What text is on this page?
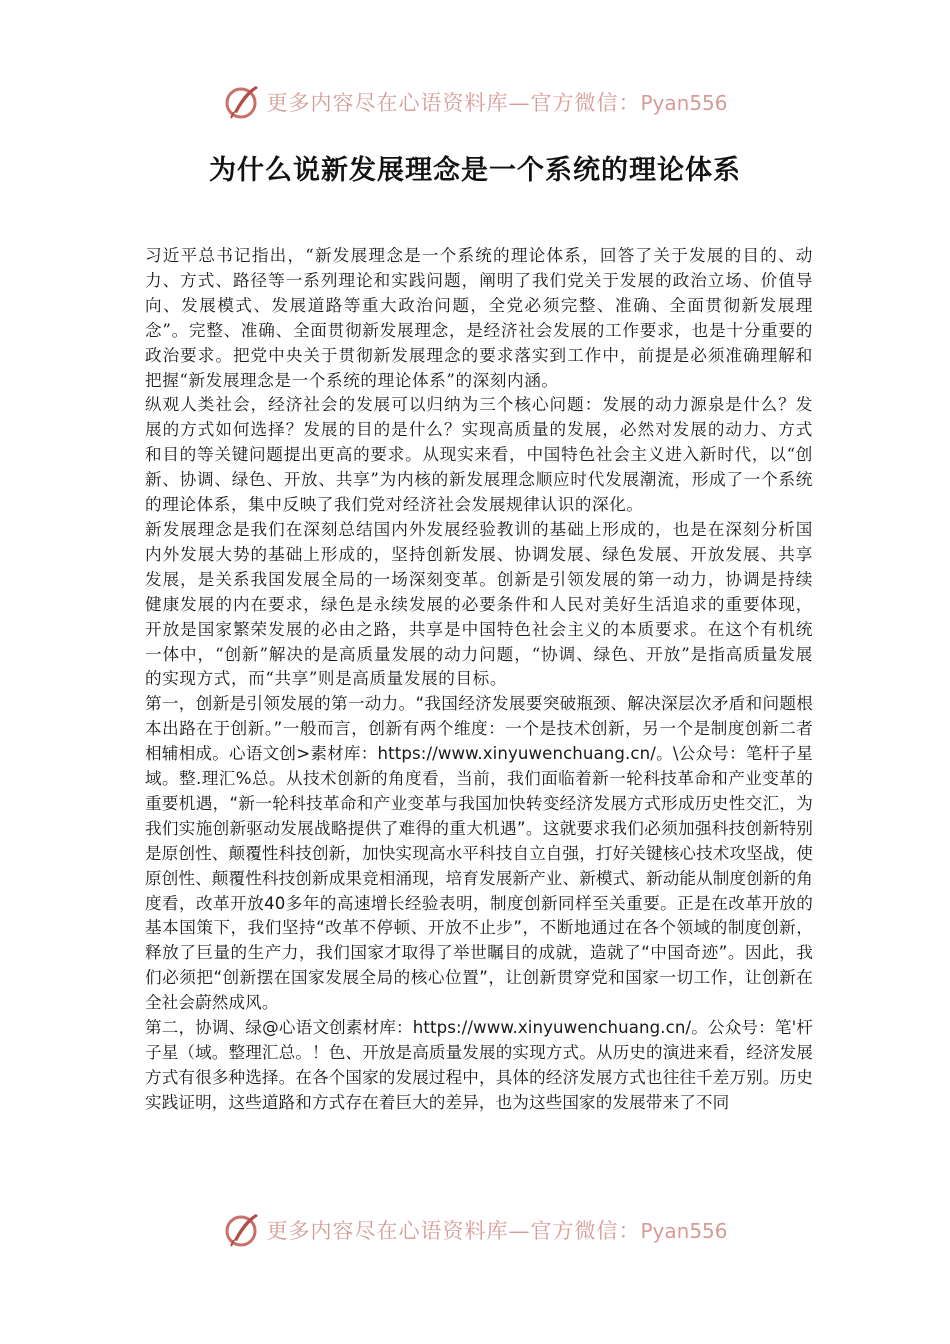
更多内容尽在心语资料库—官方微信：Pyan556
为什么说新发展理念是一个系统的理论体系

习近平总书记指出，“新发展理念是一个系统的理论体系，回答了关于发展的目的、动力、方式、路径等一系列理论和实践问题，阐明了我们党关于发展的政治立场、价值导向、发展模式、发展道路等重大政治问题，全党必须完整、准确、全面贯彻新发展理念”。完整、准确、全面贯彻新发展理念，是经济社会发展的工作要求，也是十分重要的政治要求。把党中央关于贯彻新发展理念的要求落实到工作中，前提是必须准确理解和把握“新发展理念是一个系统的理论体系”的深刻内涵。

纵观人类社会，经济社会的发展可以归纳为三个核心问题：发展的动力源泉是什么？发展的方式如何选择？发展的目的是什么？实现高质量的发展，必然对发展的动力、方式和目的等关键问题提出更高的要求。从现实来看，中国特色社会主义进入新时代，以“创新、协调、绿色、开放、共享”为内核的新发展理念顺应时代发展潮流，形成了一个系统的理论体系，集中反映了我们党对经济社会发展规律认识的深化。

新发展理念是我们在深刻总结国内外发展经验教训的基础上形成的，也是在深刻分析国内外发展大势的基础上形成的，坚持创新发展、协调发展、绿色发展、开放发展、共享发展，是关系我国发展全局的一场深刻变革。创新是引领发展的第一动力，协调是持续健康发展的内在要求，绿色是永续发展的必要条件和人民对美好生活追求的重要体现，开放是国家繁荣发展的必由之路，共享是中国特色社会主义的本质要求。在这个有机统一体中，“创新”解决的是高质量发展的动力问题，“协调、绿色、开放”是指高质量发展的实现方式，而“共享”则是高质量发展的目标。

第一，创新是引领发展的第一动力。“我国经济发展要突破瓶颈、解决深层次矛盾和问题根本出路在于创新。”一般而言，创新有两个维度：一个是技术创新，另一个是制度创新二者相辅相成。心语文创>素材库：https://www.xinyuwenchuang.cn/。\公众号：笔杆子星域。整.理汇%总。从技术创新的角度看，当前，我们面临着新一轮科技革命和产业变革的重要机遇，“新一轮科技革命和产业变革与我国加快转变经济发展方式形成历史性交汇，为我们实施创新驱动发展战略提供了难得的重大机遇”。这就要求我们必须加强科技创新特别是原创性、颠覆性科技创新，加快实现高水平科技自立自强，打好关键核心技术攻坚战，使原创性、颠覆性科技创新成果竞相涌现，培育发展新产业、新模式、新动能从制度创新的角度看，改革开放40多年的高速增长经验表明，制度创新同样至关重要。正是在改革开放的基本国策下，我们坚持“改革不停顿、开放不止步”，不断地通过在各个领域的制度创新，释放了巨量的生产力，我们国家才取得了举世瞩目的成就，造就了“中国奇迹”。因此，我们必须把“创新摆在国家发展全局的核心位置”，让创新贯穿党和国家一切工作，让创新在全社会蔚然成风。

第二，协调、绿@心语文创素材库：https://www.xinyuwenchuang.cn/。公众号：笔'杆子星（域。整理汇总。！色、开放是高质量发展的实现方式。从历史的演进来看，经济发展方式有很多种选择。在各个国家的发展过程中，具体的经济发展方式也往往千差万别。历史实践证明，这些道路和方式存在着巨大的差异，也为这些国家的发展带来了不同

更多内容尽在心语资料库—官方微信：Pyan556
